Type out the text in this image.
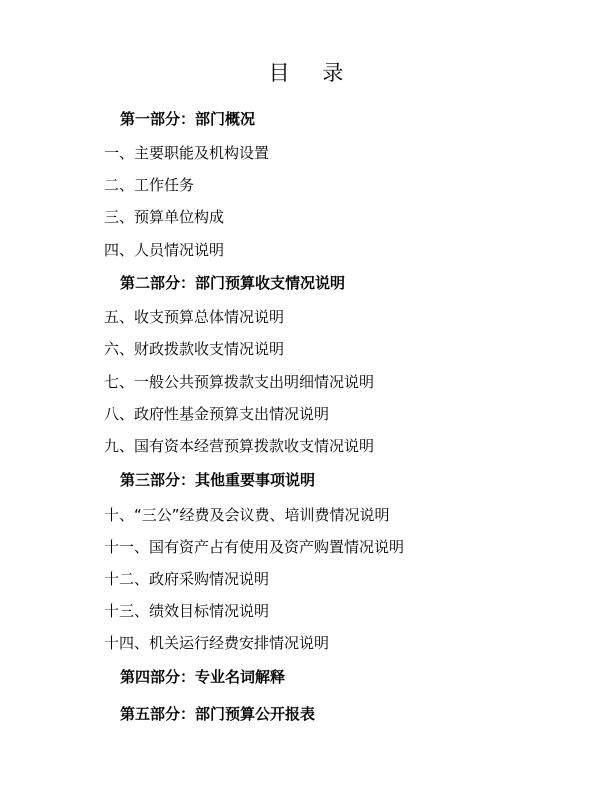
目 录
第一部分：部门概况
一、主要职能及机构设置
二、工作任务
三、预算单位构成
四、人员情况说明
第二部分：部门预算收支情况说明
五、收支预算总体情况说明
六、财政拨款收支情况说明
七、一般公共预算拨款支出明细情况说明
八、政府性基金预算支出情况说明
九、国有资本经营预算拨款收支情况说明
第三部分：其他重要事项说明
十、“三公”经费及会议费、培训费情况说明
十一、国有资产占有使用及资产购置情况说明
十二、政府采购情况说明
十三、绩效目标情况说明
十四、机关运行经费安排情况说明
第四部分：专业名词解释
第五部分：部门预算公开报表
